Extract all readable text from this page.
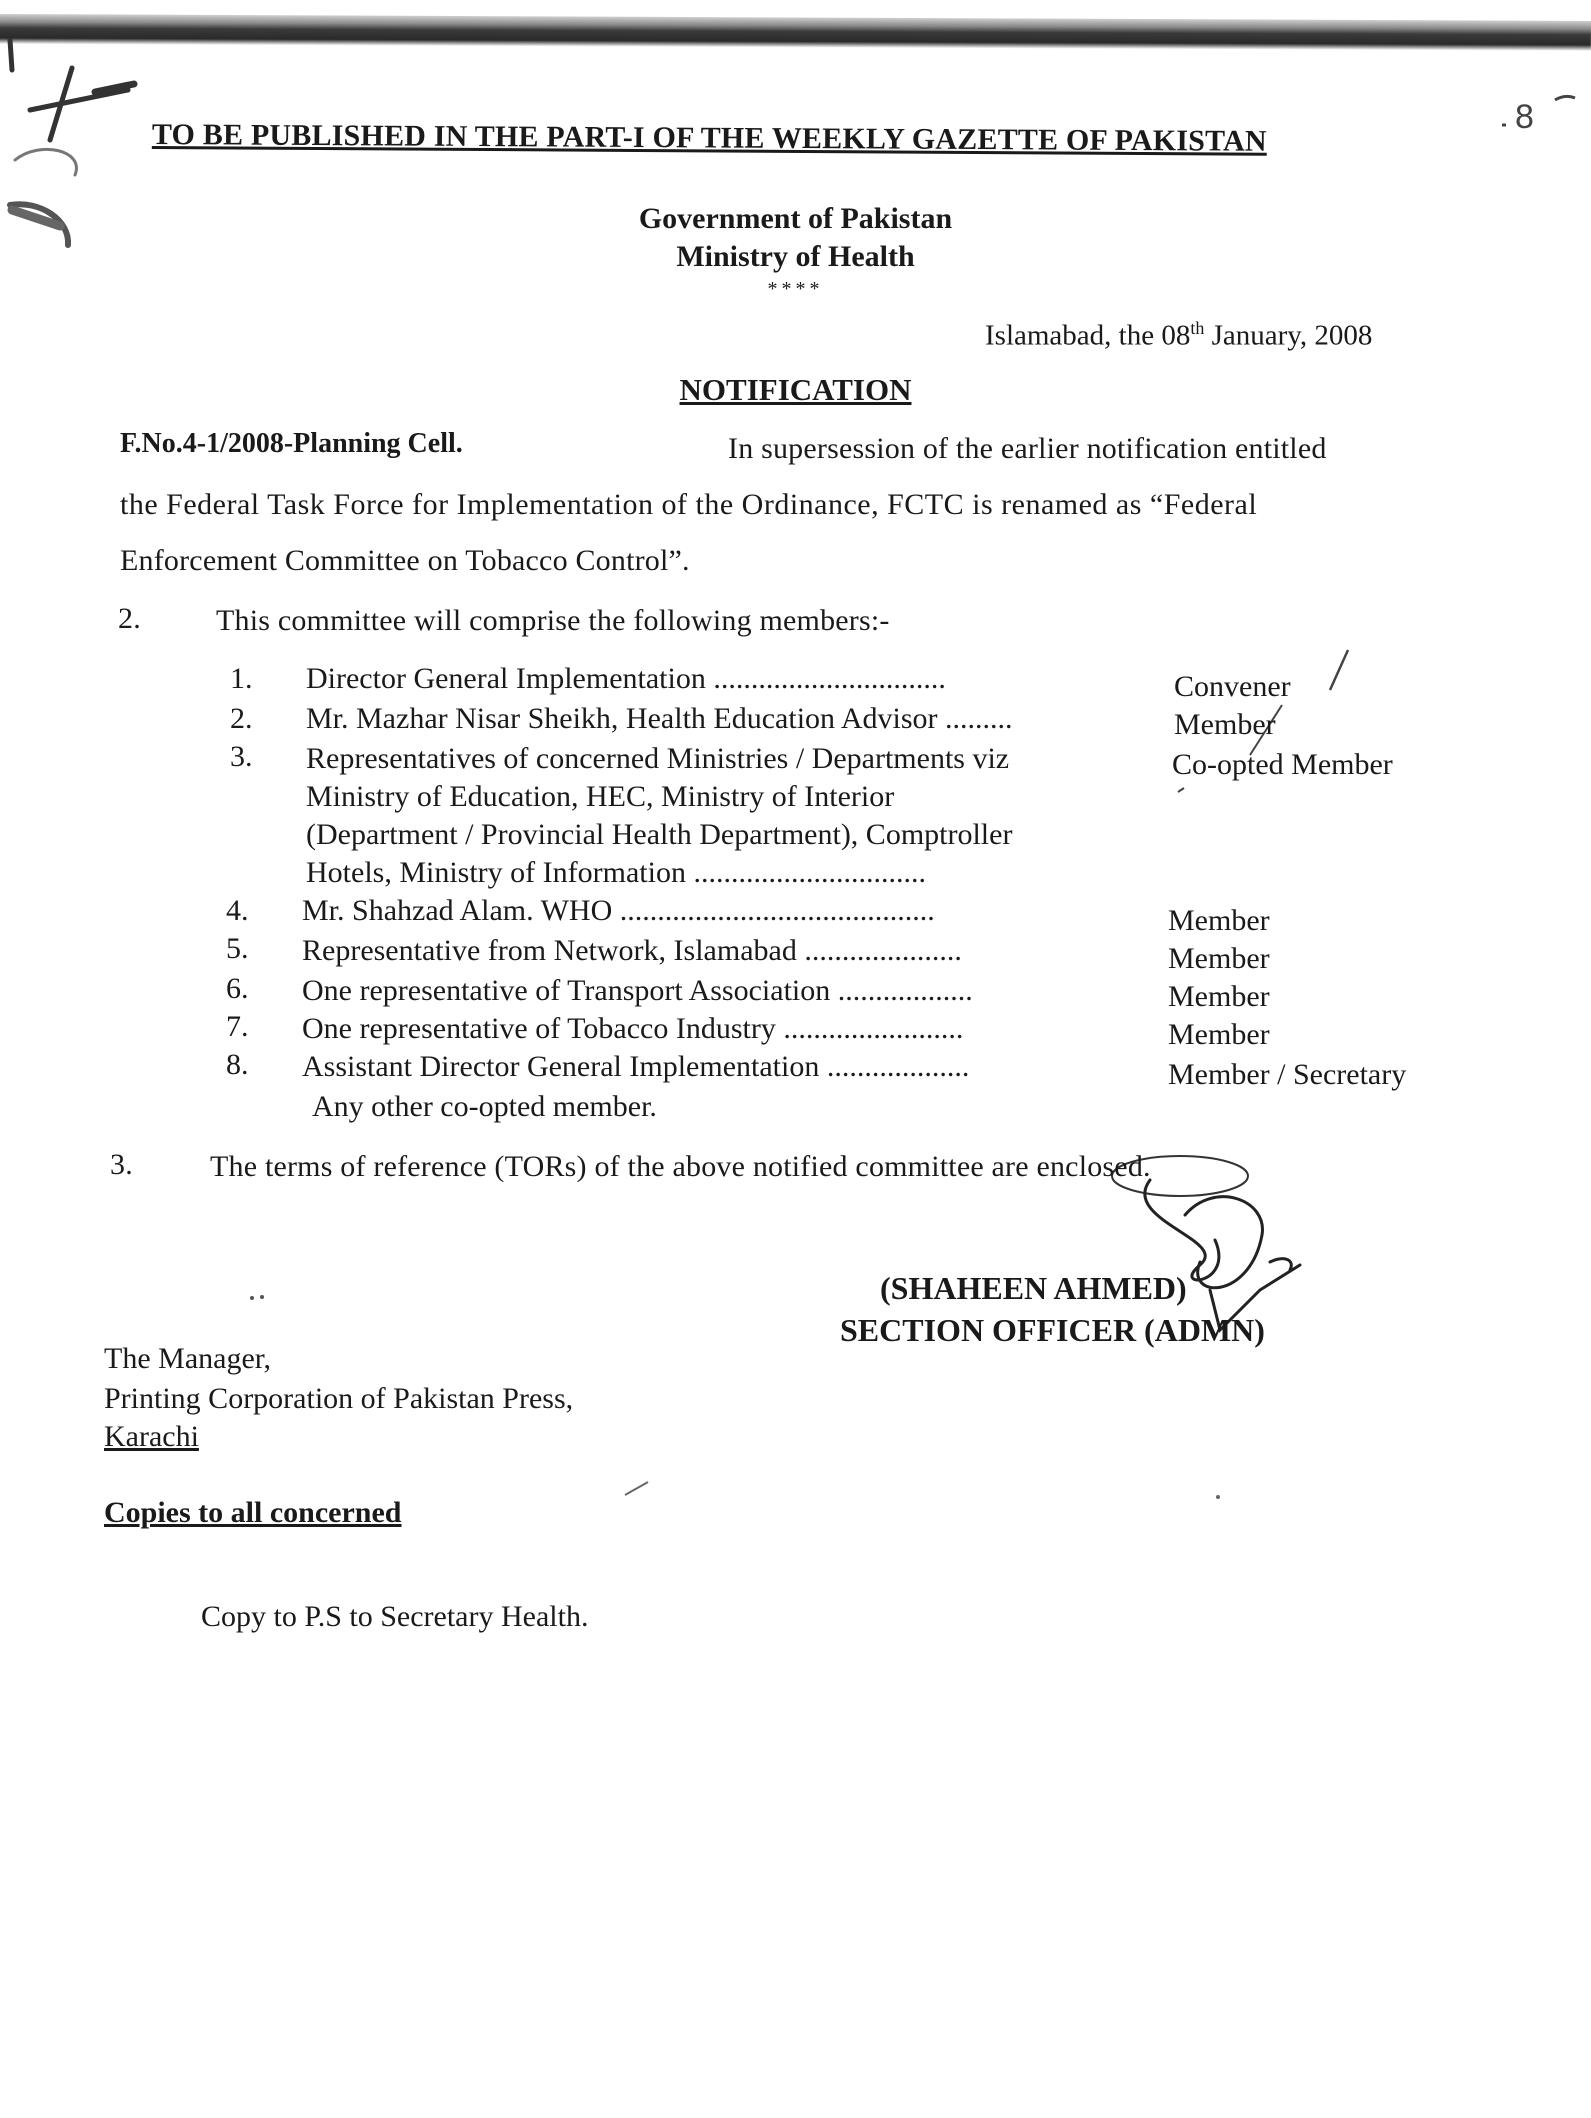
8
TO BE PUBLISHED IN THE PART-I OF THE WEEKLY GAZETTE OF PAKISTAN
Government of Pakistan
Ministry of Health
****
Islamabad, the 08th January, 2008
NOTIFICATION
F.No.4-1/2008-Planning Cell.	In supersession of the earlier notification entitled
the Federal Task Force for Implementation of the Ordinance, FCTC is renamed as “Federal
Enforcement Committee on Tobacco Control”.
2.	This committee will comprise the following members:-
1. Director General Implementation ...............................	Convener
2. Mr. Mazhar Nisar Sheikh, Health Education Advisor .........	Member
3. Representatives of concerned Ministries / Departments viz
Ministry of Education, HEC, Ministry of Interior
(Department / Provincial Health Department), Comptroller
Hotels, Ministry of Information ...............................
Co-opted Member
4. Mr. Shahzad Alam. WHO ..........................................	Member
5. Representative from Network, Islamabad .....................	Member
6. One representative of Transport Association ..................	Member
7. One representative of Tobacco Industry ........................	Member
8. Assistant Director General Implementation ...................	Member / Secretary
Any other co-opted member.
3.	The terms of reference (TORs) of the above notified committee are enclosed.
(SHAHEEN AHMED)
SECTION OFFICER (ADMN)
The Manager,
Printing Corporation of Pakistan Press,
Karachi
Copies to all concerned
Copy to P.S to Secretary Health.
